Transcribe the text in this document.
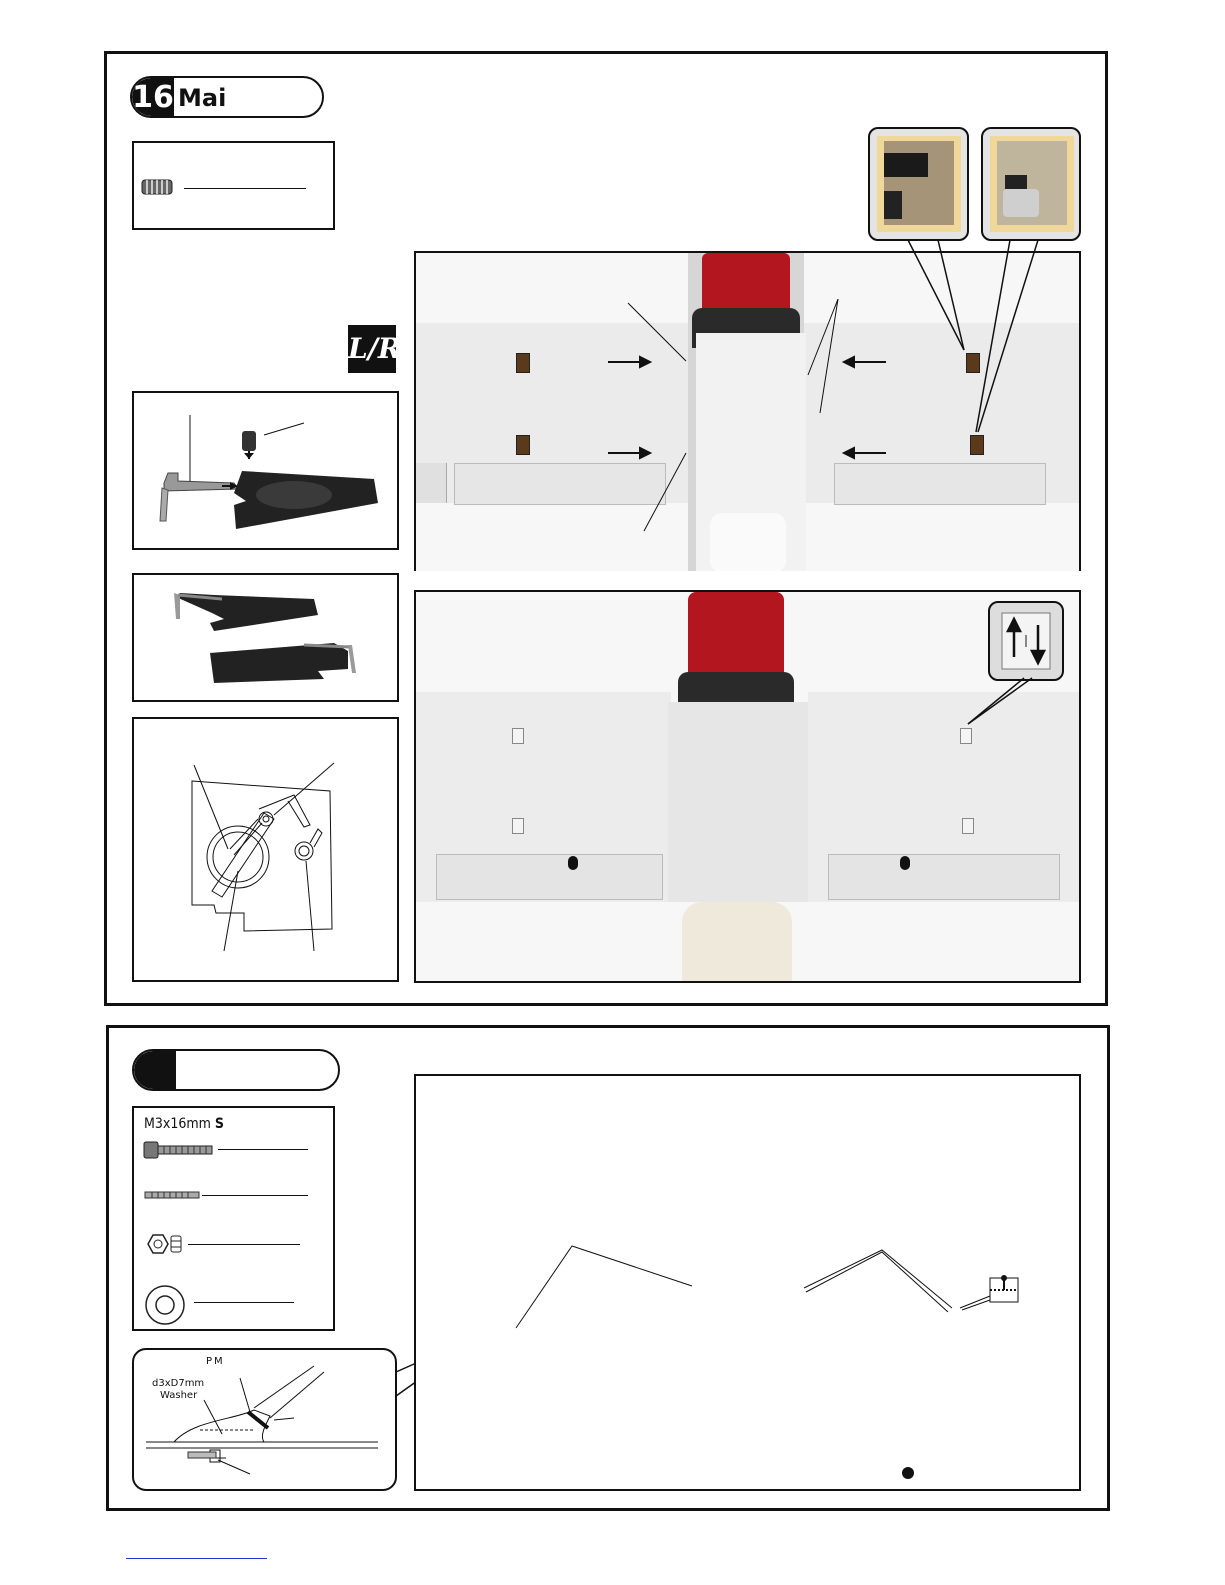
16 Mai
L/R
M3x16mm S
PM
d3xD7mm
Washer
